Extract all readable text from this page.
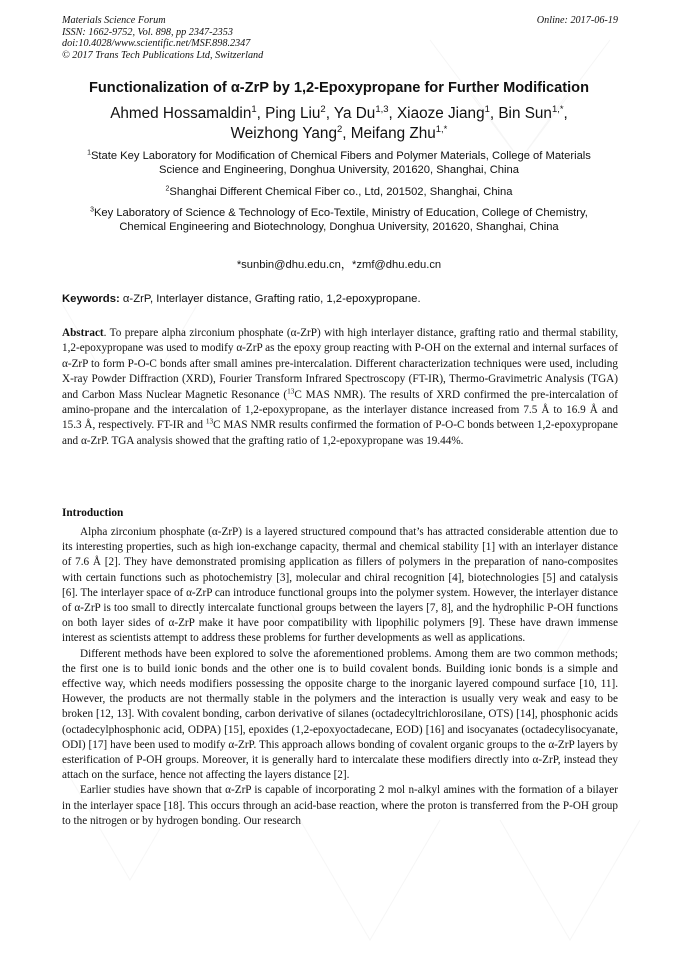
Materials Science Forum
ISSN: 1662-9752, Vol. 898, pp 2347-2353
doi:10.4028/www.scientific.net/MSF.898.2347
© 2017 Trans Tech Publications Ltd, Switzerland
Online: 2017-06-19
Functionalization of α-ZrP by 1,2-Epoxypropane for Further Modification
Ahmed Hossamaldin$^1$, Ping Liu$^2$, Ya Du$^{1,3}$, Xiaoze Jiang$^1$, Bin Sun$^{1,*}$,
Weizhong Yang$^2$, Meifang Zhu$^{1,*}$
$^1$State Key Laboratory for Modification of Chemical Fibers and Polymer Materials, College of Materials Science and Engineering, Donghua University, 201620, Shanghai, China
$^2$Shanghai Different Chemical Fiber co., Ltd, 201502, Shanghai, China
$^3$Key Laboratory of Science & Technology of Eco-Textile, Ministry of Education, College of Chemistry, Chemical Engineering and Biotechnology, Donghua University, 201620, Shanghai, China
*sunbin@dhu.edu.cn，*zmf@dhu.edu.cn
Keywords: α-ZrP, Interlayer distance, Grafting ratio, 1,2-epoxypropane.
Abstract. To prepare alpha zirconium phosphate (α-ZrP) with high interlayer distance, grafting ratio and thermal stability, 1,2-epoxypropane was used to modify α-ZrP as the epoxy group reacting with P-OH on the external and internal surfaces of α-ZrP to form P-O-C bonds after small amines pre-intercalation. Different characterization techniques were used, including X-ray Powder Diffraction (XRD), Fourier Transform Infrared Spectroscopy (FT-IR), Thermo-Gravimetric Analysis (TGA) and Carbon Mass Nuclear Magnetic Resonance ($^{13}$C MAS NMR). The results of XRD confirmed the pre-intercalation of amino-propane and the intercalation of 1,2-epoxypropane, as the interlayer distance increased from 7.5 Å to 16.9 Å and 15.3 Å, respectively. FT-IR and $^{13}$C MAS NMR results confirmed the formation of P-O-C bonds between 1,2-epoxypropane and α-ZrP. TGA analysis showed that the grafting ratio of 1,2-epoxypropane was 19.44%.
Introduction

Alpha zirconium phosphate (α-ZrP) is a layered structured compound that’s has attracted considerable attention due to its interesting properties, such as high ion-exchange capacity, thermal and chemical stability [1] with an interlayer distance of 7.6 Å [2]. They have demonstrated promising application as fillers of polymers in the preparation of nano-composites with certain functions such as photochemistry [3], molecular and chiral recognition [4], biotechnologies [5] and catalysis [6]. The interlayer space of α-ZrP can introduce functional groups into the polymer system. However, the interlayer distance of α-ZrP is too small to directly intercalate functional groups between the layers [7, 8], and the hydrophilic P-OH functions on both layer sides of α-ZrP make it have poor compatibility with lipophilic polymers [9]. These have drawn immense interest as scientists attempt to address these problems for further developments as well as applications.

Different methods have been explored to solve the aforementioned problems. Among them are two common methods; the first one is to build ionic bonds and the other one is to build covalent bonds. Building ionic bonds is a simple and effective way, which needs modifiers possessing the opposite charge to the inorganic layered compound surface [10, 11]. However, the products are not thermally stable in the polymers and the interaction is usually very weak and easy to be broken [12, 13]. With covalent bonding, carbon derivative of silanes (octadecyltrichlorosilane, OTS) [14], phosphonic acids (octadecylphosphonic acid, ODPA) [15], epoxides (1,2-epoxyoctadecane, EOD) [16] and isocyanates (octadecylisocyanate, ODI) [17] have been used to modify α-ZrP. This approach allows bonding of covalent organic groups to the α-ZrP layers by esterification of P-OH groups. Moreover, it is generally hard to intercalate these modifiers directly into α-ZrP, instead they attach on the surface, hence not affecting the layers distance [2].

Earlier studies have shown that α-ZrP is capable of incorporating 2 mol n-alkyl amines with the formation of a bilayer in the interlayer space [18]. This occurs through an acid-base reaction, where the proton is transferred from the P-OH group to the nitrogen or by hydrogen bonding. Our research
